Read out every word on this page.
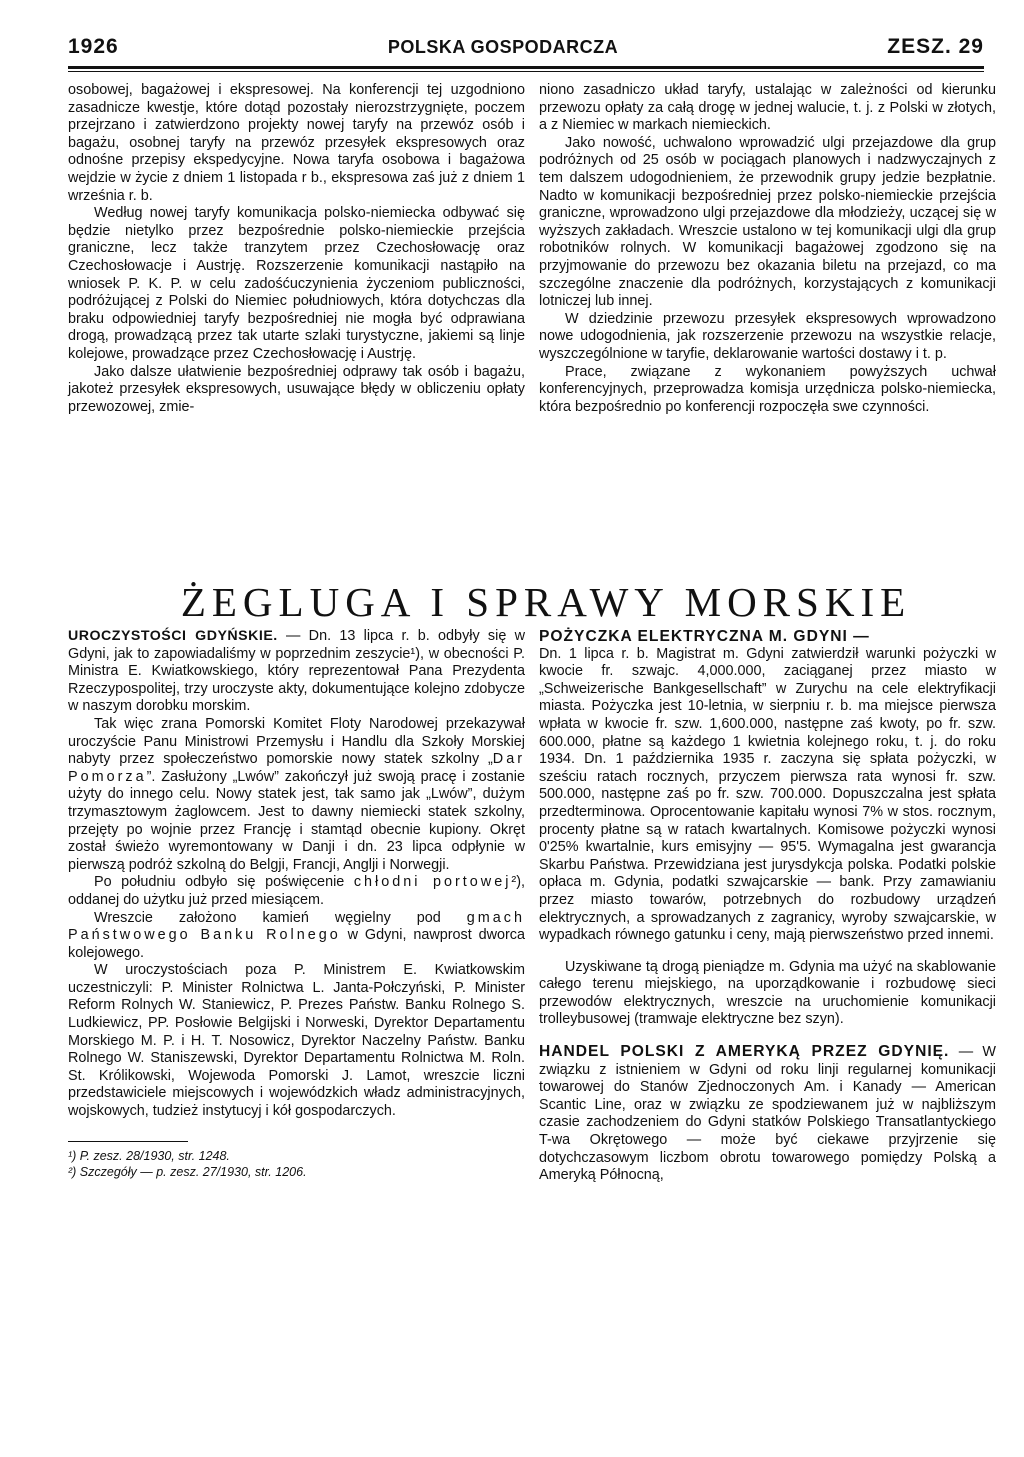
1926	POLSKA GOSPODARCZA	ZESZ. 29

osobowej, bagażowej i ekspresowej. Na konferencji tej uzgodniono zasadnicze kwestje, które dotąd pozostały nierozstrzygnięte, poczem przejrzano i zatwierdzono projekty nowej taryfy na przewóz osób i bagażu, osobnej taryfy na przewóz przesyłek ekspresowych oraz odnośne przepisy ekspedycyjne. Nowa taryfa osobowa i bagażowa wejdzie w życie z dniem 1 listopada r b., ekspresowa zaś już z dniem 1 września r. b.

Według nowej taryfy komunikacja polsko-niemiecka odbywać się będzie nietylko przez bezpośrednie polsko-niemieckie przejścia graniczne, lecz także tranzytem przez Czechosłowację oraz Czechosłowacje i Austrję. Rozszerzenie komunikacji nastąpiło na wniosek P. K. P. w celu zadośćuczynienia życzeniom publiczności, podróżującej z Polski do Niemiec południowych, która dotychczas dla braku odpowiedniej taryfy bezpośredniej nie mogła być odprawiana drogą, prowadzącą przez tak utarte szlaki turystyczne, jakiemi są linje kolejowe, prowadzące przez Czechosłowację i Austrję.

Jako dalsze ułatwienie bezpośredniej odprawy tak osób i bagażu, jakoteż przesyłek ekspresowych, usuwające błędy w obliczeniu opłaty przewozowej, zmie-

niono zasadniczo układ taryfy, ustalając w zależności od kierunku przewozu opłaty za całą drogę w jednej walucie, t. j. z Polski w złotych, a z Niemiec w markach niemieckich.

Jako nowość, uchwalono wprowadzić ulgi przejazdowe dla grup podróżnych od 25 osób w pociągach planowych i nadzwyczajnych z tem dalszem udogodnieniem, że przewodnik grupy jedzie bezpłatnie. Nadto w komunikacji bezpośredniej przez polsko-niemieckie przejścia graniczne, wprowadzono ulgi przejazdowe dla młodzieży, uczącej się w wyższych zakładach. Wreszcie ustalono w tej komunikacji ulgi dla grup robotników rolnych. W komunikacji bagażowej zgodzono się na przyjmowanie do przewozu bez okazania biletu na przejazd, co ma szczególne znaczenie dla podróżnych, korzystających z komunikacji lotniczej lub innej.

W dziedzinie przewozu przesyłek ekspresowych wprowadzono nowe udogodnienia, jak rozszerzenie przewozu na wszystkie relacje, wyszczególnione w taryfie, deklarowanie wartości dostawy i t. p.

Prace, związane z wykonaniem powyższych uchwał konferencyjnych, przeprowadza komisja urzędnicza polsko-niemiecka, która bezpośrednio po konferencji rozpoczęła swe czynności.

ŻEGLUGA I SPRAWY MORSKIE

UROCZYSTOŚCI GDYŃSKIE. — Dn. 13 lipca r. b. odbyły się w Gdyni, jak to zapowiadaliśmy w poprzednim zeszycie¹), w obecności P. Ministra E. Kwiatkowskiego, który reprezentował Pana Prezydenta Rzeczypospolitej, trzy uroczyste akty, dokumentujące kolejno zdobycze w naszym dorobku morskim.

Tak więc zrana Pomorski Komitet Floty Narodowej przekazywał uroczyście Panu Ministrowi Przemysłu i Handlu dla Szkoły Morskiej nabyty przez społeczeństwo pomorskie nowy statek szkolny „Dar Pomorza”. Zasłużony „Lwów” zakończył już swoją pracę i zostanie użyty do innego celu. Nowy statek jest, tak samo jak „Lwów”, dużym trzymasztowym żaglowcem. Jest to dawny niemiecki statek szkolny, przejęty po wojnie przez Francję i stamtąd obecnie kupiony. Okręt został świeżo wyremontowany w Danji i dn. 23 lipca odpłynie w pierwszą podróż szkolną do Belgji, Francji, Anglji i Norwegji.

Po południu odbyło się poświęcenie chłodni portowej²), oddanej do użytku już przed miesiącem.

Wreszcie założono kamień węgielny pod gmach Państwowego Banku Rolnego w Gdyni, nawprost dworca kolejowego.

W uroczystościach poza P. Ministrem E. Kwiatkowskim uczestniczyli: P. Minister Rolnictwa L. Janta-Połczyński, P. Minister Reform Rolnych W. Staniewicz, P. Prezes Państw. Banku Rolnego S. Ludkiewicz, PP. Posłowie Belgijski i Norweski, Dyrektor Departamentu Morskiego M. P. i H. T. Nosowicz, Dyrektor Naczelny Państw. Banku Rolnego W. Staniszewski, Dyrektor Departamentu Rolnictwa M. Roln. St. Królikowski, Wojewoda Pomorski J. Lamot, wreszcie liczni przedstawiciele miejscowych i wojewódzkich władz administracyjnych, wojskowych, tudzież instytucyj i kół gospodarczych.

¹) P. zesz. 28/1930, str. 1248.

²) Szczegóły — p. zesz. 27/1930, str. 1206.

POŻYCZKA ELEKTRYCZNA M. GDYNI —

Dn. 1 lipca r. b. Magistrat m. Gdyni zatwierdził warunki pożyczki w kwocie fr. szwajc. 4,000.000, zaciąganej przez miasto w „Schweizerische Bankgesellschaft” w Zurychu na cele elektryfikacji miasta. Pożyczka jest 10-letnia, w sierpniu r. b. ma miejsce pierwsza wpłata w kwocie fr. szw. 1,600.000, następne zaś kwoty, po fr. szw. 600.000, płatne są każdego 1 kwietnia kolejnego roku, t. j. do roku 1934. Dn. 1 października 1935 r. zaczyna się spłata pożyczki, w sześciu ratach rocznych, przyczem pierwsza rata wynosi fr. szw. 500.000, następne zaś po fr. szw. 700.000. Dopuszczalna jest spłata przedterminowa. Oprocentowanie kapitału wynosi 7% w stos. rocznym, procenty płatne są w ratach kwartalnych. Komisowe pożyczki wynosi 0'25% kwartalnie, kurs emisyjny — 95'5. Wymagalna jest gwarancja Skarbu Państwa. Przewidziana jest jurysdykcja polska. Podatki polskie opłaca m. Gdynia, podatki szwajcarskie — bank. Przy zamawianiu przez miasto towarów, potrzebnych do rozbudowy urządzeń elektrycznych, a sprowadzanych z zagranicy, wyroby szwajcarskie, w wypadkach równego gatunku i ceny, mają pierwszeństwo przed innemi.

Uzyskiwane tą drogą pieniądze m. Gdynia ma użyć na skablowanie całego terenu miejskiego, na uporządkowanie i rozbudowę sieci przewodów elektrycznych, wreszcie na uruchomienie komunikacji trolleybusowej (tramwaje elektryczne bez szyn).

HANDEL POLSKI Z AMERYKĄ PRZEZ GDYNIĘ. — W związku z istnieniem w Gdyni od roku linji regularnej komunikacji towarowej do Stanów Zjednoczonych Am. i Kanady — American Scantic Line, oraz w związku ze spodziewanem już w najbliższym czasie zachodzeniem do Gdyni statków Polskiego Transatlantyckiego T-wa Okrętowego — może być ciekawe przyjrzenie się dotychczasowym liczbom obrotu towarowego pomiędzy Polską a Ameryką Północną,
